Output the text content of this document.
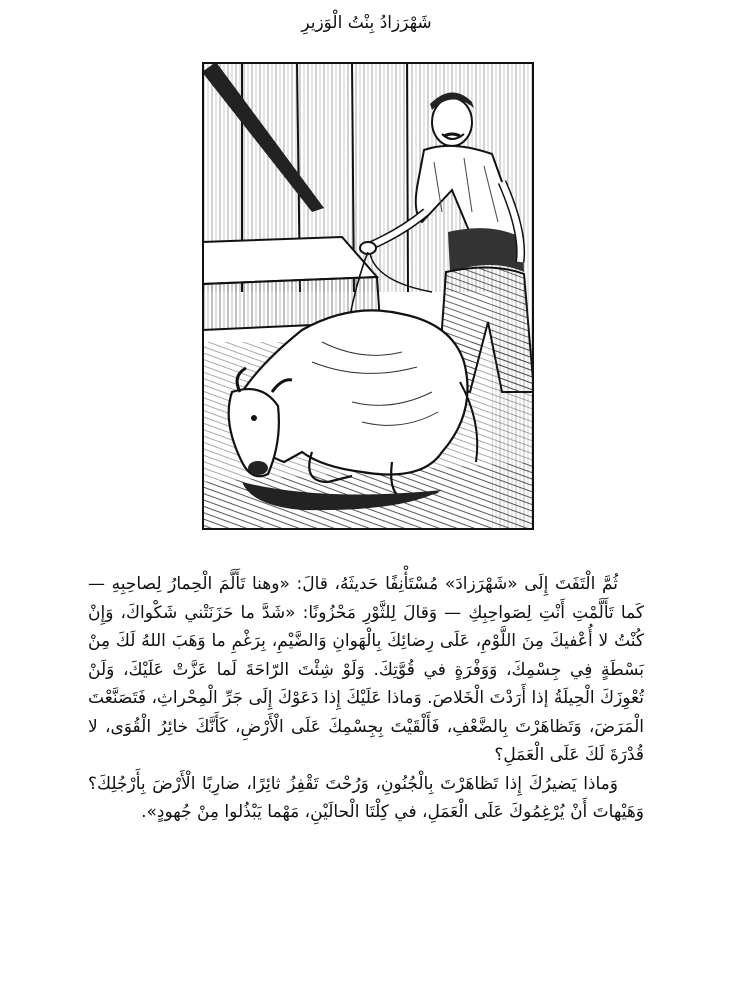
شَهْرَزادُ بِنْتُ الْوَزيرِ

ثُمَّ الْتَفَتَ إِلَى «شَهْرَزادَ» مُسْتَأْنِفًا حَديثَهُ، قالَ: «وهنا تَأَلَّمَ الْحِمارُ لِصاحِبِهِ — كَما تَأَلَّمْتِ أَنْتِ لِصَواحِبِكِ — وَقالَ لِلثَّوْرِ مَحْزُونًا: «شَدَّ ما حَزَنَتْني شَكْواكَ، وَإِنْ كُنْتُ لا أُعْفيكَ مِنَ اللَّوْمِ، عَلَى رِضائِكَ بِالْهَوانِ وَالضَّيْمِ، بِرَغْمِ ما وَهَبَ اللهُ لَكَ مِنْ بَسْطَةٍ فِي جِسْمِكَ، وَوَفْرَةٍ في قُوَّتِكَ. وَلَوْ شِئْتَ الرّاحَةَ لَما عَزَّتْ عَلَيْكَ، وَلَنْ تُعْوِزَكَ الْحِيلَةُ إذا أَرَدْتَ الْخَلاصَ. وَماذا عَلَيْكَ إِذا دَعَوْكَ إِلَى جَرِّ الْمِحْراثِ، فَتَصَنَّعْتَ الْمَرَضَ، وَتَظاهَرْتَ بِالضَّعْفِ، فَأَلْقَيْتَ بِجِسْمِكَ عَلَى الْأَرْضِ، كَأَنَّكَ خائِرُ الْقُوَى، لا قُدْرَةَ لَكَ عَلَى الْعَمَلِ؟

وَماذا يَضيرُكَ إِذا تَظاهَرْتَ بِالْجُنُونِ، وَرُحْتَ تَقْفِزُ ثائِرًا، ضارِبًا الْأَرْضَ بِأَرْجُلِكَ؟ وَهَيْهاتَ أَنْ يُرْغِمُوكَ عَلَى الْعَمَلِ، في كِلْتَا الْحالَيْنِ، مَهْما يَبْذُلوا مِنْ جُهودٍ».
